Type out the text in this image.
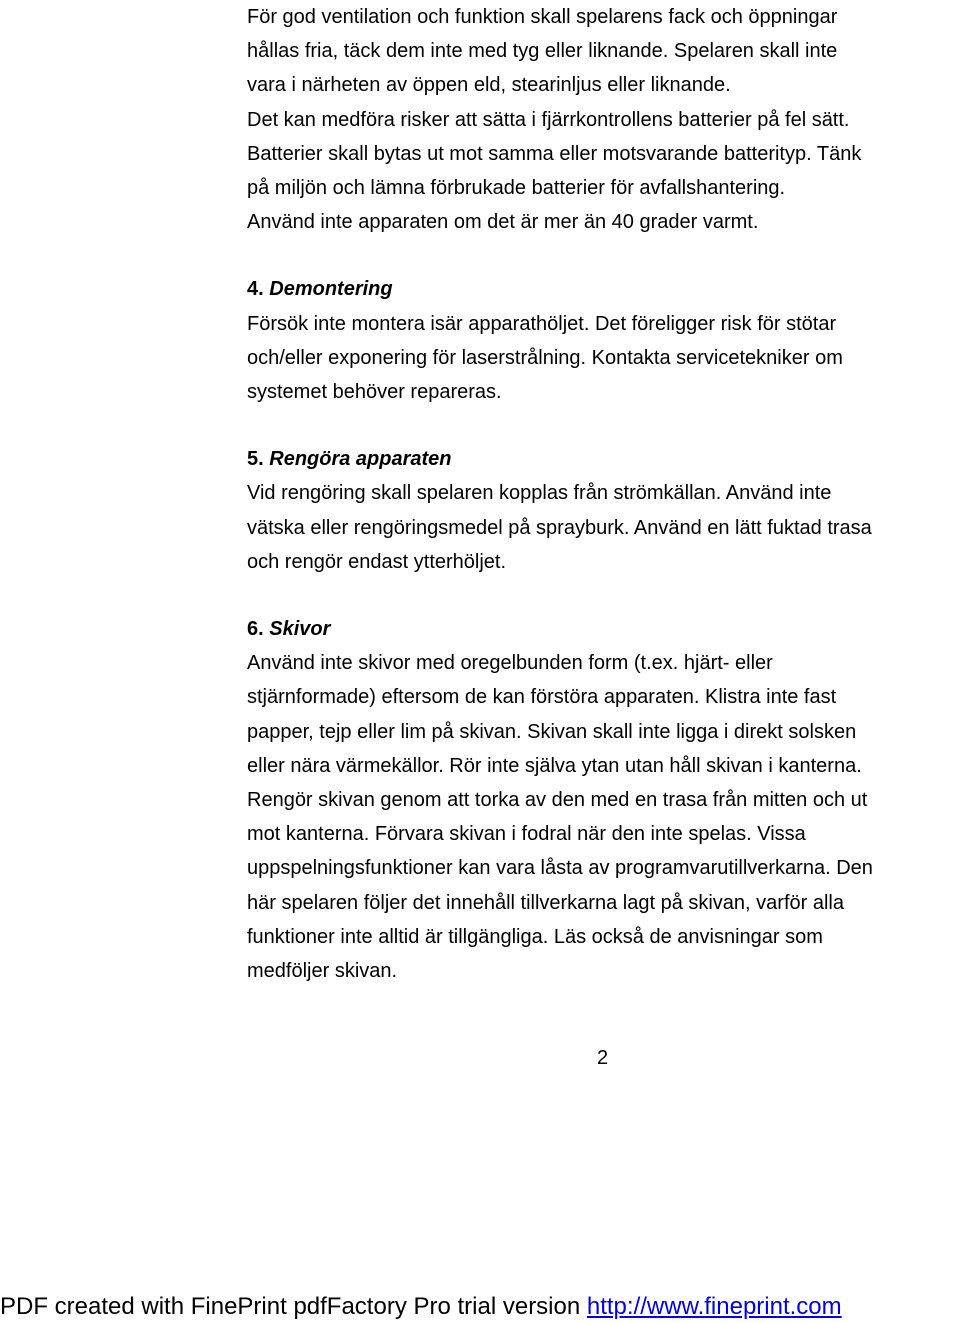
För god ventilation och funktion skall spelarens fack och öppningar
hållas fria, täck dem inte med tyg eller liknande. Spelaren skall inte
vara i närheten av öppen eld, stearinljus eller liknande.
Det kan medföra risker att sätta i fjärrkontrollens batterier på fel sätt.
Batterier skall bytas ut mot samma eller motsvarande batterityp. Tänk
på miljön och lämna förbrukade batterier för avfallshantering.
Använd inte apparaten om det är mer än 40 grader varmt.
4. Demontering
Försök inte montera isär apparathöljet. Det föreligger risk för stötar
och/eller exponering för laserstrålning. Kontakta servicetekniker om
systemet behöver repareras.
5. Rengöra apparaten
Vid rengöring skall spelaren kopplas från strömkällan. Använd inte
vätska eller rengöringsmedel på sprayburk. Använd en lätt fuktad trasa
och rengör endast ytterhöljet.
6. Skivor
Använd inte skivor med oregelbunden form (t.ex. hjärt- eller
stjärnformade) eftersom de kan förstöra apparaten. Klistra inte fast
papper, tejp eller lim på skivan. Skivan skall inte ligga i direkt solsken
eller nära värmekällor. Rör inte själva ytan utan håll skivan i kanterna.
Rengör skivan genom att torka av den med en trasa från mitten och ut
mot kanterna. Förvara skivan i fodral när den inte spelas. Vissa
uppspelningsfunktioner kan vara låsta av programvarutillverkarna. Den
här spelaren följer det innehåll tillverkarna lagt på skivan, varför alla
funktioner inte alltid är tillgängliga. Läs också de anvisningar som
medföljer skivan.
2
PDF created with FinePrint pdfFactory Pro trial version http://www.fineprint.com
